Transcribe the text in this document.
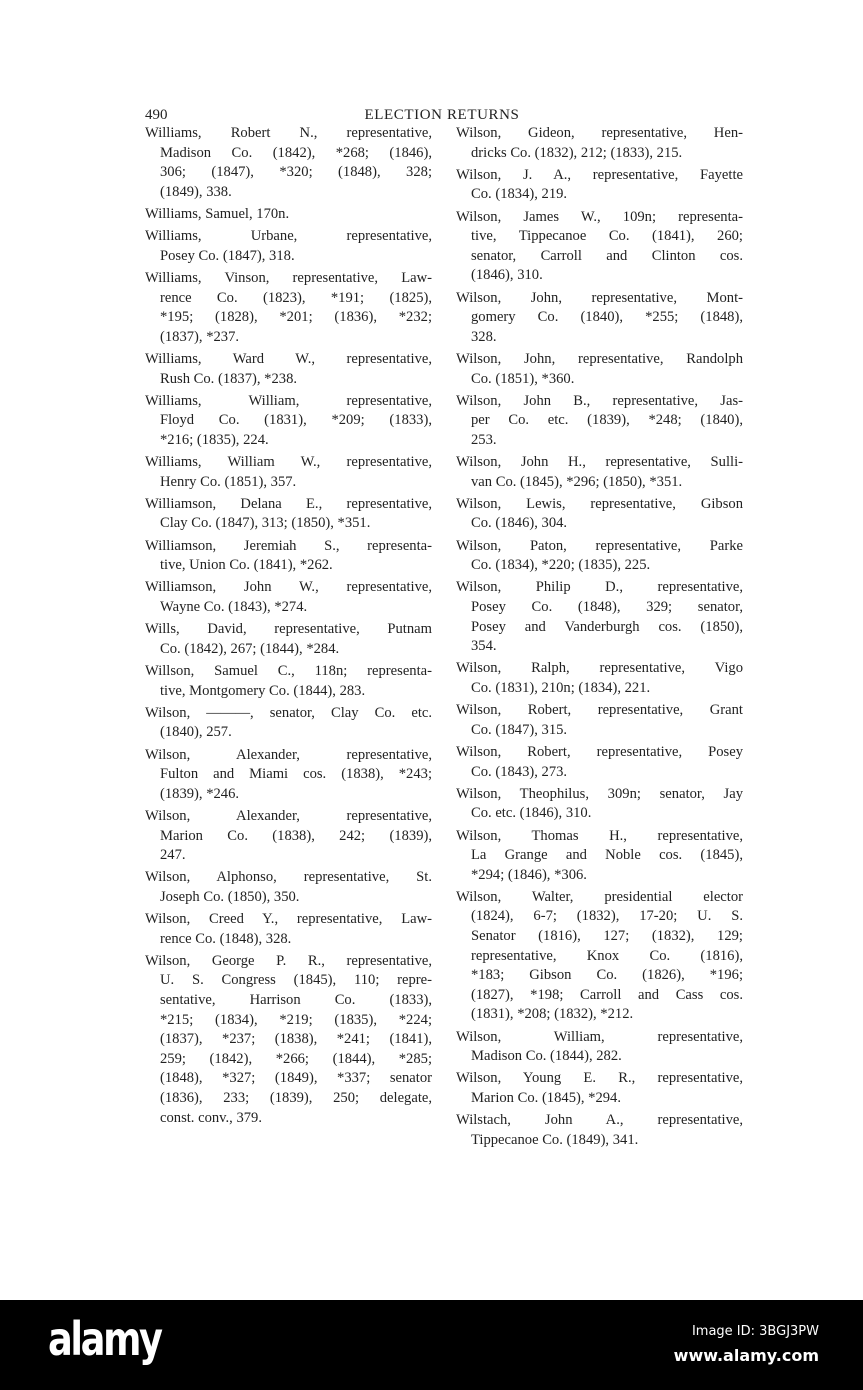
490	ELECTION RETURNS
Williams, Robert N., representative,
Madison Co. (1842), *268; (1846),
306; (1847), *320; (1848), 328;
(1849), 338.
Williams, Samuel, 170n.
Williams, Urbane, representative,
Posey Co. (1847), 318.
Williams, Vinson, representative, Law-
rence Co. (1823), *191; (1825),
*195; (1828), *201; (1836), *232;
(1837), *237.
Williams, Ward W., representative,
Rush Co. (1837), *238.
Williams, William, representative,
Floyd Co. (1831), *209; (1833),
*216; (1835), 224.
Williams, William W., representative,
Henry Co. (1851), 357.
Williamson, Delana E., representative,
Clay Co. (1847), 313; (1850), *351.
Williamson, Jeremiah S., representa-
tive, Union Co. (1841), *262.
Williamson, John W., representative,
Wayne Co. (1843), *274.
Wills, David, representative, Putnam
Co. (1842), 267; (1844), *284.
Willson, Samuel C., 118n; representa-
tive, Montgomery Co. (1844), 283.
Wilson, ———, senator, Clay Co. etc.
(1840), 257.
Wilson, Alexander, representative,
Fulton and Miami cos. (1838), *243;
(1839), *246.
Wilson, Alexander, representative,
Marion Co. (1838), 242; (1839),
247.
Wilson, Alphonso, representative, St.
Joseph Co. (1850), 350.
Wilson, Creed Y., representative, Law-
rence Co. (1848), 328.
Wilson, George P. R., representative,
U. S. Congress (1845), 110; repre-
sentative, Harrison Co. (1833),
*215; (1834), *219; (1835), *224;
(1837), *237; (1838), *241; (1841),
259; (1842), *266; (1844), *285;
(1848), *327; (1849), *337; senator
(1836), 233; (1839), 250; delegate,
const. conv., 379.
Wilson, Gideon, representative, Hen-
dricks Co. (1832), 212; (1833), 215.
Wilson, J. A., representative, Fayette
Co. (1834), 219.
Wilson, James W., 109n; representa-
tive, Tippecanoe Co. (1841), 260;
senator, Carroll and Clinton cos.
(1846), 310.
Wilson, John, representative, Mont-
gomery Co. (1840), *255; (1848),
328.
Wilson, John, representative, Randolph
Co. (1851), *360.
Wilson, John B., representative, Jas-
per Co. etc. (1839), *248; (1840),
253.
Wilson, John H., representative, Sulli-
van Co. (1845), *296; (1850), *351.
Wilson, Lewis, representative, Gibson
Co. (1846), 304.
Wilson, Paton, representative, Parke
Co. (1834), *220; (1835), 225.
Wilson, Philip D., representative,
Posey Co. (1848), 329; senator,
Posey and Vanderburgh cos. (1850),
354.
Wilson, Ralph, representative, Vigo
Co. (1831), 210n; (1834), 221.
Wilson, Robert, representative, Grant
Co. (1847), 315.
Wilson, Robert, representative, Posey
Co. (1843), 273.
Wilson, Theophilus, 309n; senator, Jay
Co. etc. (1846), 310.
Wilson, Thomas H., representative,
La Grange and Noble cos. (1845),
*294; (1846), *306.
Wilson, Walter, presidential elector
(1824), 6-7; (1832), 17-20; U. S.
Senator (1816), 127; (1832), 129;
representative, Knox Co. (1816),
*183; Gibson Co. (1826), *196;
(1827), *198; Carroll and Cass cos.
(1831), *208; (1832), *212.
Wilson, William, representative,
Madison Co. (1844), 282.
Wilson, Young E. R., representative,
Marion Co. (1845), *294.
Wilstach, John A., representative,
Tippecanoe Co. (1849), 341.
alamy	Image ID: 3BGJ3PW
www.alamy.com
